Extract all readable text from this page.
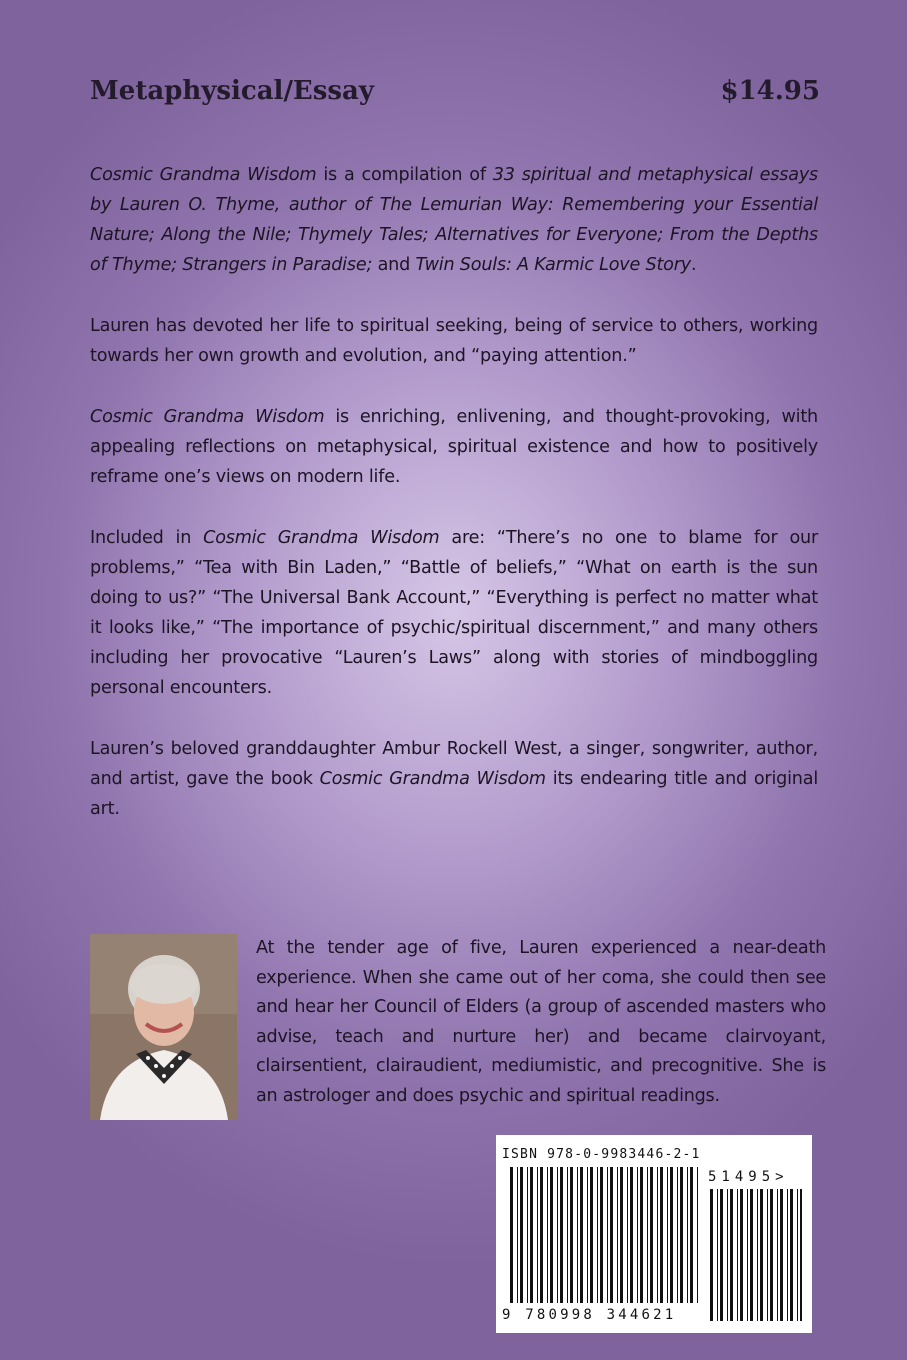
Metaphysical/Essay	$14.95

Cosmic Grandma Wisdom is a compilation of 33 spiritual and metaphysical essays by Lauren O. Thyme, author of The Lemurian Way: Remembering your Essential Nature; Along the Nile; Thymely Tales; Alternatives for Everyone; From the Depths of Thyme; Strangers in Paradise; and Twin Souls: A Karmic Love Story.

Lauren has devoted her life to spiritual seeking, being of service to others, working towards her own growth and evolution, and “paying attention.”

Cosmic Grandma Wisdom is enriching, enlivening, and thought-provoking, with appealing reflections on metaphysical, spiritual existence and how to positively reframe one’s views on modern life.

Included in Cosmic Grandma Wisdom are: “There’s no one to blame for our problems,” “Tea with Bin Laden,” “Battle of beliefs,” “What on earth is the sun doing to us?” “The Universal Bank Account,” “Everything is perfect no matter what it looks like,” “The importance of psychic/spiritual discernment,” and many others including her provocative “Lauren’s Laws” along with stories of mindboggling personal encounters.

Lauren’s beloved granddaughter Ambur Rockell West, a singer, songwriter, author, and artist, gave the book Cosmic Grandma Wisdom its endearing title and original art.

At the tender age of five, Lauren experienced a near-death experience. When she came out of her coma, she could then see and hear her Council of Elders (a group of ascended masters who advise, teach and nurture her) and became clairvoyant, clairsentient, clairaudient, mediumistic, and precognitive. She is an astrologer and does psychic and spiritual readings.

ISBN 978-0-9983446-2-1
51495>
9 780998 344621
